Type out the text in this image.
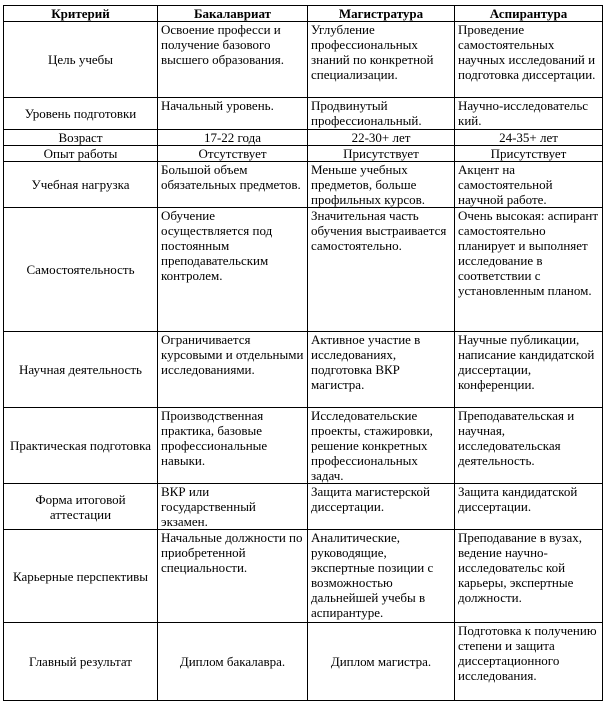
Критерий	Бакалавриат	Магистратура	Аспирантура
Цель учебы	Освоение професси и получение базового высшего образования.	Углубление профессиональных знаний по конкретной специализации.	Проведение самостоятельных научных исследований и подготовка диссертации.
Уровень подготовки	Начальный уровень.	Продвинутый профессиональный.	Научно-исследовательс кий.
Возраст	17-22 года	22-30+ лет	24-35+ лет
Опыт работы	Отсутствует	Присутствует	Присутствует
Учебная нагрузка	Большой объем обязательных предметов.	Меньше учебных предметов, больше профильных курсов.	Акцент на самостоятельной научной работе.
Самостоятельность	Обучение осуществляется под постоянным преподавательским контролем.	Значительная часть обучения выстраивается самостоятельно.	Очень высокая: аспирант самостоятельно планирует и выполняет исследование в соответствии с установленным планом.
Научная деятельность	Ограничивается курсовыми и отдельными исследованиями.	Активное участие в исследованиях, подготовка ВКР магистра.	Научные публикации, написание кандидатской диссертации, конференции.
Практическая подготовка	Производственная практика, базовые профессиональные навыки.	Исследовательские проекты, стажировки, решение конкретных профессиональных задач.	Преподавательская и научная, исследовательская деятельность.
Форма итоговой аттестации	ВКР или государственный экзамен.	Защита магистерской диссертации.	Защита кандидатской диссертации.
Карьерные перспективы	Начальные должности по приобретенной специальности.	Аналитические, руководящие, экспертные позиции с возможностью дальнейшей учебы в аспирантуре.	Преподавание в вузах, ведение научно-исследовательс кой карьеры, экспертные должности.
Главный результат	Диплом бакалавра.	Диплом магистра.	Подготовка к получению степени и защита диссертационного исследования.
